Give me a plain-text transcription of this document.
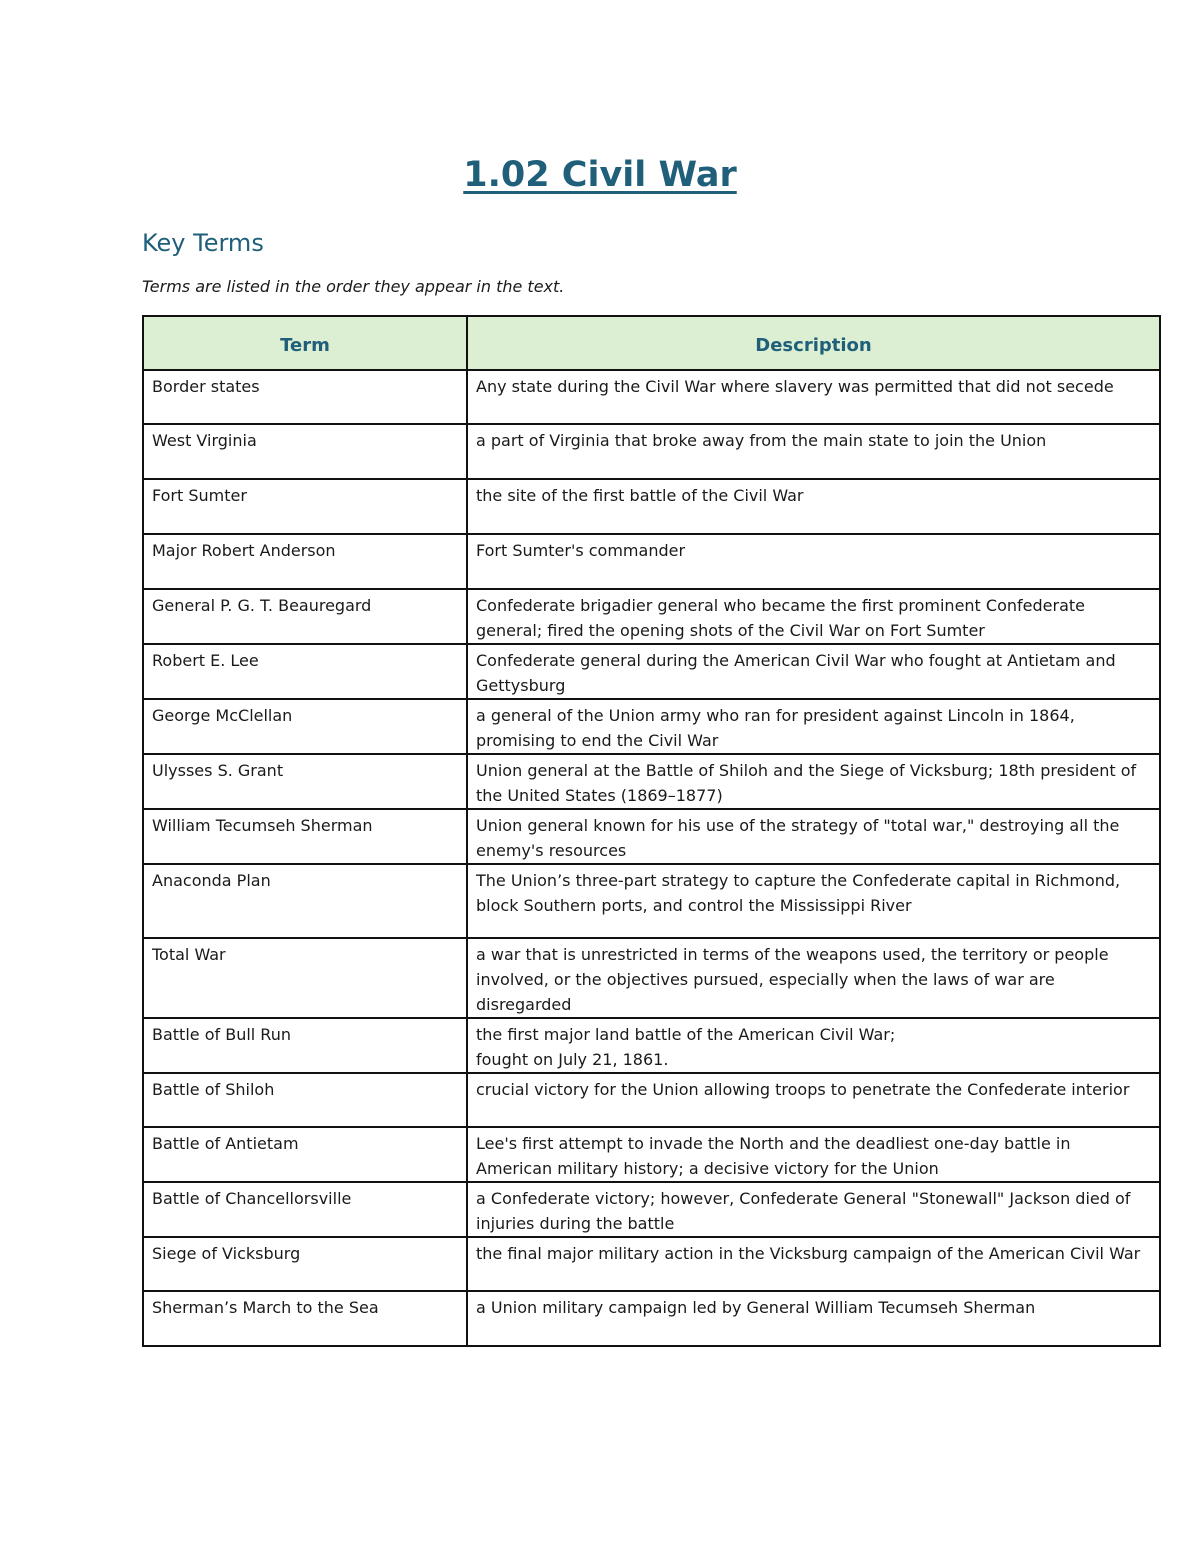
1.02 Civil War
Key Terms

Terms are listed in the order they appear in the text.

Term	Description
Border states	Any state during the Civil War where slavery was permitted that did not secede
West Virginia	a part of Virginia that broke away from the main state to join the Union
Fort Sumter	the site of the first battle of the Civil War
Major Robert Anderson	Fort Sumter's commander
General P. G. T. Beauregard	Confederate brigadier general who became the first prominent Confederate general; fired the opening shots of the Civil War on Fort Sumter
Robert E. Lee	Confederate general during the American Civil War who fought at Antietam and Gettysburg
George McClellan	a general of the Union army who ran for president against Lincoln in 1864, promising to end the Civil War
Ulysses S. Grant	Union general at the Battle of Shiloh and the Siege of Vicksburg; 18th president of the United States (1869–1877)
William Tecumseh Sherman	Union general known for his use of the strategy of "total war," destroying all the enemy's resources
Anaconda Plan	The Union’s three-part strategy to capture the Confederate capital in Richmond, block Southern ports, and control the Mississippi River
Total War	a war that is unrestricted in terms of the weapons used, the territory or people involved, or the objectives pursued, especially when the laws of war are disregarded
Battle of Bull Run	the first major land battle of the American Civil War;
fought on July 21, 1861.

Battle of Shiloh	crucial victory for the Union allowing troops to penetrate the Confederate interior
Battle of Antietam	Lee's first attempt to invade the North and the deadliest one-day battle in American military history; a decisive victory for the Union
Battle of Chancellorsville	a Confederate victory; however, Confederate General "Stonewall" Jackson died of injuries during the battle
Siege of Vicksburg	the final major military action in the Vicksburg campaign of the American Civil War
Sherman’s March to the Sea	a Union military campaign led by General William Tecumseh Sherman
